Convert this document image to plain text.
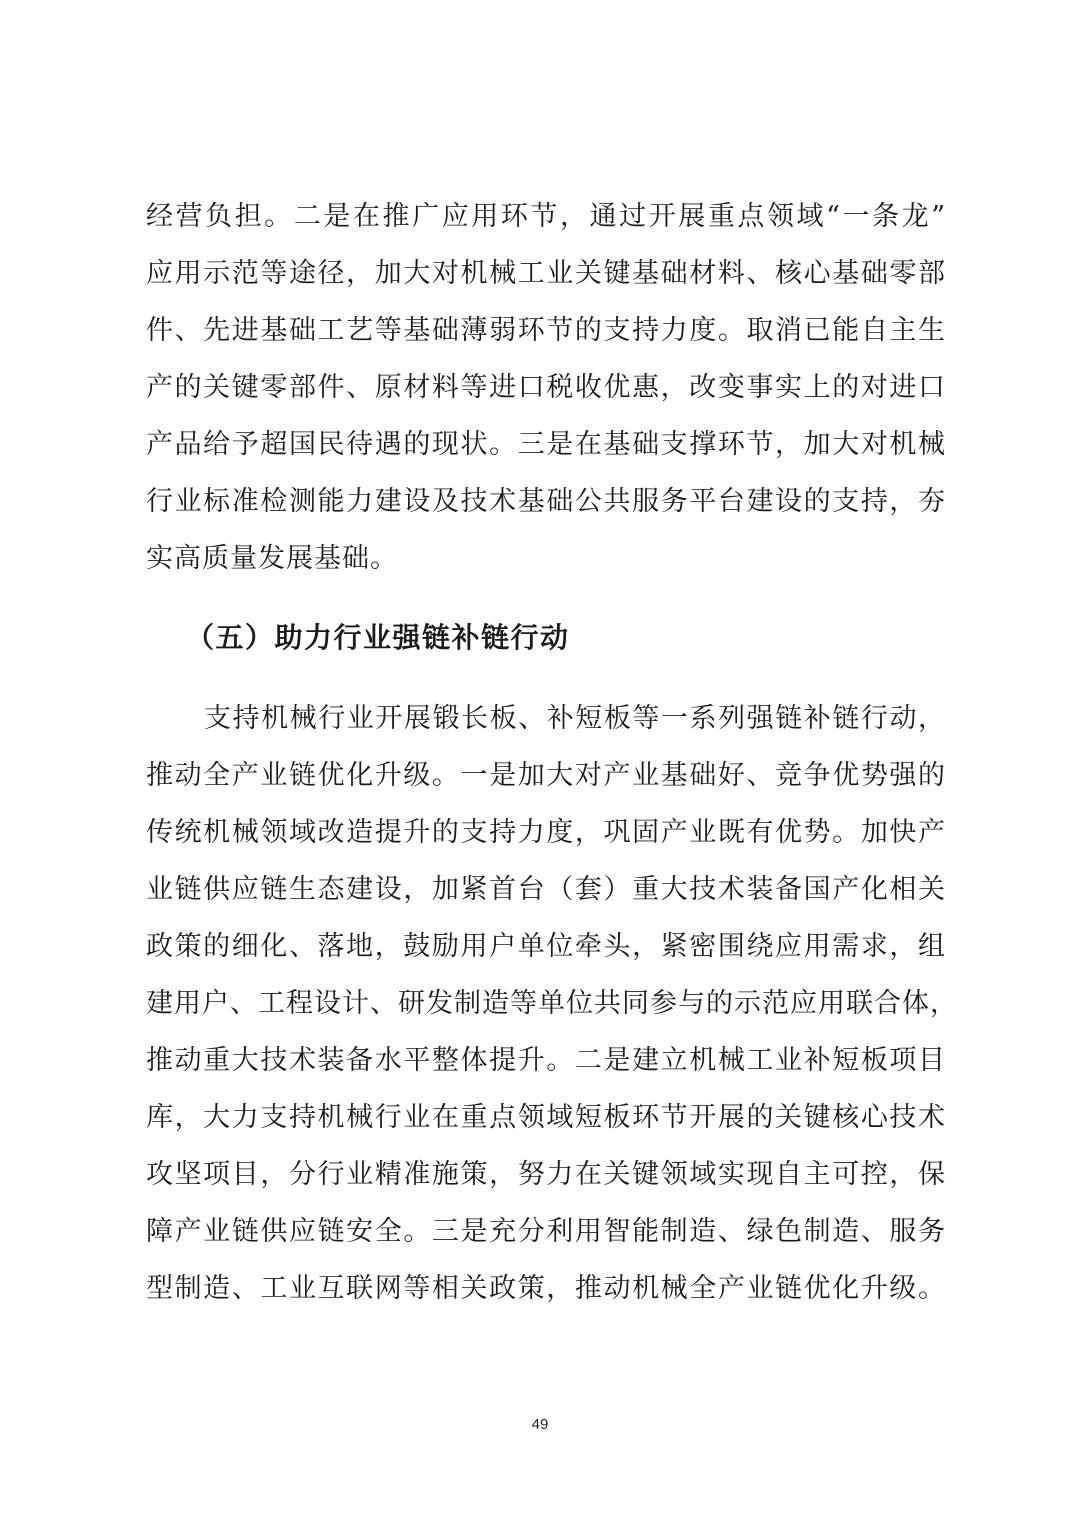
经营负担。二是在推广应用环节，通过开展重点领域“一条龙”
应用示范等途径，加大对机械工业关键基础材料、核心基础零部
件、先进基础工艺等基础薄弱环节的支持力度。取消已能自主生
产的关键零部件、原材料等进口税收优惠，改变事实上的对进口
产品给予超国民待遇的现状。三是在基础支撑环节，加大对机械
行业标准检测能力建设及技术基础公共服务平台建设的支持，夯
实高质量发展基础。
（五）助力行业强链补链行动
支持机械行业开展锻长板、补短板等一系列强链补链行动，
推动全产业链优化升级。一是加大对产业基础好、竞争优势强的
传统机械领域改造提升的支持力度，巩固产业既有优势。加快产
业链供应链生态建设，加紧首台（套）重大技术装备国产化相关
政策的细化、落地，鼓励用户单位牵头，紧密围绕应用需求，组
建用户、工程设计、研发制造等单位共同参与的示范应用联合体，
推动重大技术装备水平整体提升。二是建立机械工业补短板项目
库，大力支持机械行业在重点领域短板环节开展的关键核心技术
攻坚项目，分行业精准施策，努力在关键领域实现自主可控，保
障产业链供应链安全。三是充分利用智能制造、绿色制造、服务
型制造、工业互联网等相关政策，推动机械全产业链优化升级。
49
